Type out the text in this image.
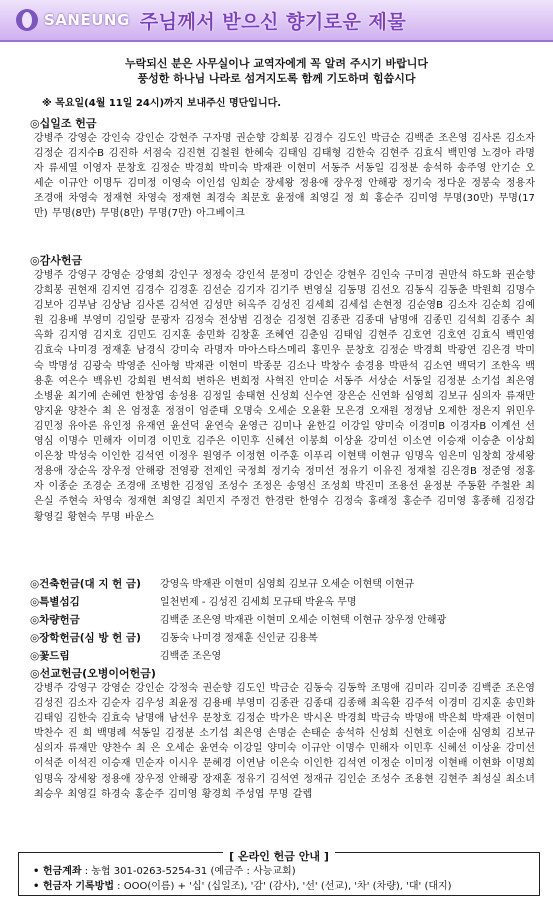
SANEUNG 주님께서 받으신 향기로운 제물
누락되신 분은 사무실이나 교역자에게 꼭 알려 주시기 바랍니다
풍성한 하나님 나라로 섬겨지도록 함께 기도하며 힘씁시다
※ 목요일(4월 11일 24시)까지 보내주신 명단입니다.
◎십일조 헌금
강병주 강영순 강인숙 강인순 강현주 구자명 권순향 강희봉 김경수 김도인 박금순 김백준 조은영 김사론 김소자 김정순 김지수B 김진하 서점숙 김진현 김철원 한혜숙 김태임 김태형 김한숙 김현주 김효식 백민영 노경아 라명자 류세열 이영자 문창호 김정순 박경희 박미숙 박재관 이현미 서동주 서동일 김정분 송석하 송주영 안기순 오세순 이규안 이명두 김미정 이영숙 이인섭 임희순 장세왕 정용애 장우정 안해광 정기숙 정다운 정봉숙 정용자 조경애 차영숙 정재현 차영숙 정재현 최경숙 최문호 윤정애 최영길 정 희 홍순주 김미영 무명(30만) 무명(17만) 무명(8만) 무명(8만) 무명(7만) 아그베이크
◎감사헌금
강병주 강영구 강영순 강영희 강인구 정정숙 강인석 문정미 강인순 강현우 김인숙 구미경 권만석 하도화 권순향 강희봉 권현재 김지연 김경수 김경훈 김선순 김기자 김기주 변영실 김동명 김선오 김동식 김동춘 박원희 김명수 김보아 김부남 김상남 김사론 김석연 김성만 허옥주 김성진 김세희 김세섭 손현정 김순영B 김소자 김순희 김예원 김용배 부영미 김일랑 문광자 김정숙 전상범 김정순 김정현 김종관 김종대 남명애 김종민 김석희 김종수 최옥화 김지영 김지호 김민도 김지훈 송민화 김창훈 조혜연 김춘임 김태임 김현주 김호연 김호연 김효식 백민영 김효숙 나미경 정재훈 남경식 강미숙 라명자 마아스타스메리 홍민우 문창호 김정순 박경희 박광연 김은경 박미숙 박명성 김광숙 박영준 신아형 박재관 이현미 박종문 김소나 박창수 송경용 박판석 김소연 백덕기 조한옥 백용훈 여은수 백유빈 강희원 변석희 변하은 변희정 사혁진 안미순 서동주 서상순 서동일 김정분 소기섭 최은영 소병윤 최기예 손혜연 한창엽 송성용 김정일 송태현 신성희 신수연 장은순 신연화 심영희 김보규 심의자 류재만 양지윤 양찬수 최 은 엄정훈 정점이 엄준태 오명숙 오세순 오윤환 모은경 오재원 정정남 오제한 정은지 위민우 김민정 유아론 유인정 유재연 윤선덕 윤연숙 윤영근 김미나 윤한길 이강일 양미숙 이경미B 이경자B 이계선 선영심 이명수 민해자 이미경 이민호 김주은 이민후 신혜선 이봉희 이상윤 강미선 이소연 이승재 이승춘 이상희 이은창 박성숙 이인한 김석연 이정우 원영주 이정현 이주훈 이푸리 이현택 이현규 임명옥 임은미 임창희 장세왕 정용애 장순옥 장우정 안해광 전영광 전제인 국정희 정기숙 정미선 정유기 이유진 정재철 김은경B 정준영 정홍자 이종순 조경순 조경애 조병한 김정임 조성수 조정은 송영신 조성희 박진미 조용선 윤정분 주동환 주철완 최은실 주현숙 차영숙 정재현 최영길 최민지 주정건 한경란 한영수 김정숙 홍래정 홍순주 김미영 홍종해 김정갑 황영길 황현숙 무명 바운스
◎건축헌금(대 지 헌 금)	강영옥 박재관 이현미 심영희 김보규 오세순 이현택 이현규
◎특별섬김	일천번제 - 김성진 김세희 모규태 박윤옥 무명
◎차량헌금	김백준 조은영 박재관 이현미 오세순 이현택 이현규 장우정 안해광
◎장학헌금(심 방 헌 금)	김동숙 나미경 정재훈 신인균 김용복
◎꽃드림	김백준 조은영
◎선교헌금(오병이어헌금)
강병주 강영구 강영순 강인순 강정숙 권순향 김도인 박금순 김동숙 김동학 조명애 김미라 김미중 김백준 조은영 김성진 김소자 김순자 김우성 최윤정 김용배 부영미 김종관 김종대 김종해 최옥환 김주석 이경미 김지훈 송민화 김태임 김한숙 김효숙 남명애 남선우 문창호 김정순 박가은 박시온 박경희 박금숙 박명애 박은희 박재관 이현미 박찬수 진 희 백명례 석동일 김정분 소기섭 최은영 손명순 손태순 송석하 신성희 신현호 이순애 심영희 김보규 심의자 류재만 양찬수 최 은 오세순 윤연숙 이강일 양미숙 이규안 이명수 민해자 이민후 신혜선 이상윤 강미선 이석준 이석진 이승재 민순자 이시우 문혜경 이연남 이은숙 이인한 김석연 이정순 이미정 이현배 이현화 이명희 임명옥 장세왕 정용애 장우정 안해광 장재훈 정유기 김석연 정재규 김인순 조성수 조용현 김현주 최성실 최소녀 최승우 최영길 하경숙 홍순주 김미영 황경희 주성엽 무명 갈렙
[ 온라인 헌금 안내 ]
• 헌금계좌 : 농협 301-0263-5254-31 (예금주 : 사능교회)
• 헌금자 기록방법 : OOO(이름) + '십' (십일조), '감' (감사), '선' (선교), '차' (차량), '대' (대지)
